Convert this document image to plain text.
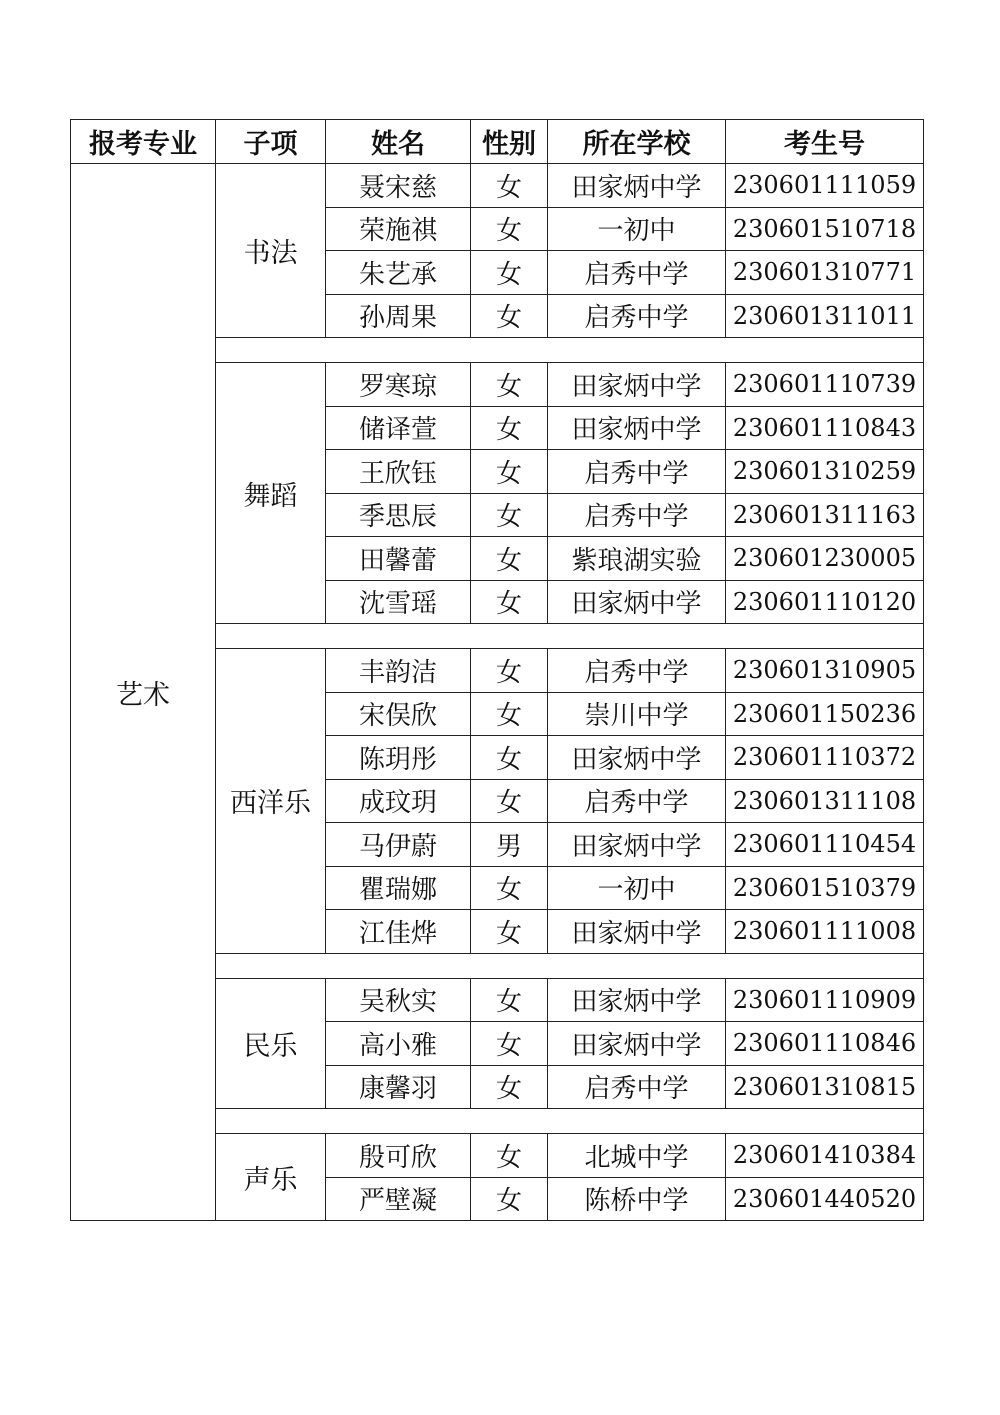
报考专业	子项	姓名	性别	所在学校	考生号
艺术	书法	聂宋慈	女	田家炳中学	230601111059
		荣施祺	女	一初中	230601510718
		朱艺承	女	启秀中学	230601310771
		孙周果	女	启秀中学	230601311011

	舞蹈	罗寒琼	女	田家炳中学	230601110739
		储译萱	女	田家炳中学	230601110843
		王欣钰	女	启秀中学	230601310259
		季思辰	女	启秀中学	230601311163
		田馨蕾	女	紫琅湖实验	230601230005
		沈雪瑶	女	田家炳中学	230601110120

	西洋乐	丰韵洁	女	启秀中学	230601310905
		宋俣欣	女	崇川中学	230601150236
		陈玥彤	女	田家炳中学	230601110372
		成玟玥	女	启秀中学	230601311108
		马伊蔚	男	田家炳中学	230601110454
		瞿瑞娜	女	一初中	230601510379
		江佳烨	女	田家炳中学	230601111008

	民乐	吴秋实	女	田家炳中学	230601110909
		高小雅	女	田家炳中学	230601110846
		康馨羽	女	启秀中学	230601310815

	声乐	殷可欣	女	北城中学	230601410384
		严壁凝	女	陈桥中学	230601440520
